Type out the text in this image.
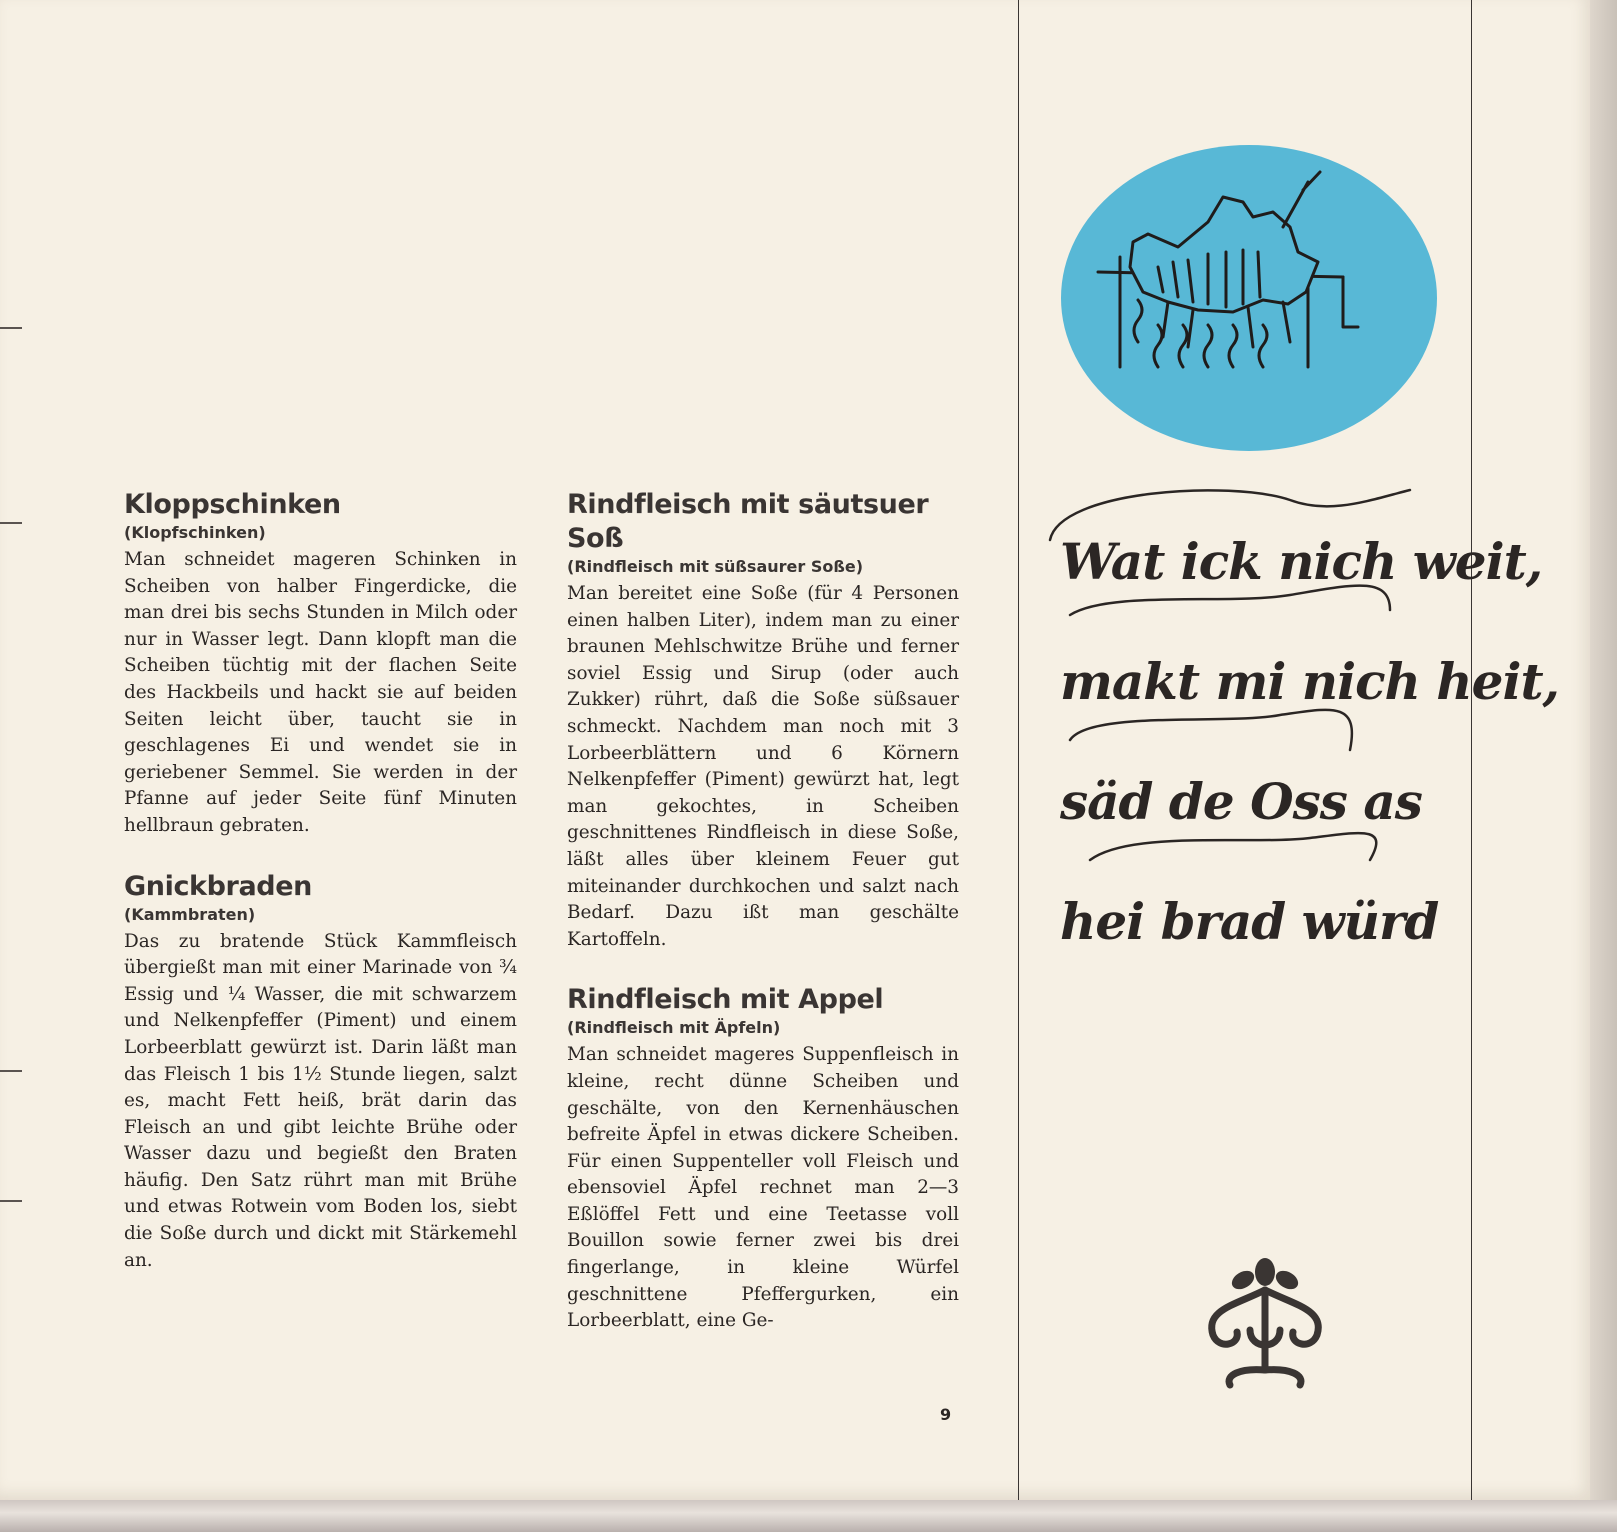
Kloppschinken
(Klopfschinken)

Man schneidet mageren Schinken in Scheiben von halber Fingerdicke, die man drei bis sechs Stunden in Milch oder nur in Wasser legt. Dann klopft man die Scheiben tüchtig mit der flachen Seite des Hackbeils und hackt sie auf beiden Seiten leicht über, taucht sie in geschlagenes Ei und wendet sie in geriebener Semmel. Sie werden in der Pfanne auf jeder Seite fünf Minuten hellbraun gebraten.

Gnickbraden
(Kammbraten)

Das zu bratende Stück Kammfleisch übergießt man mit einer Marinade von ¾ Essig und ¼ Wasser, die mit schwarzem und Nelkenpfeffer (Piment) und einem Lorbeerblatt gewürzt ist. Darin läßt man das Fleisch 1 bis 1½ Stunde liegen, salzt es, macht Fett heiß, brät darin das Fleisch an und gibt leichte Brühe oder Wasser dazu und begießt den Braten häufig. Den Satz rührt man mit Brühe und etwas Rotwein vom Boden los, siebt die Soße durch und dickt mit Stärkemehl an.

Rindfleisch mit säutsuer Soß
(Rindfleisch mit süßsaurer Soße)

Man bereitet eine Soße (für 4 Personen einen halben Liter), indem man zu einer braunen Mehlschwitze Brühe und ferner soviel Essig und Sirup (oder auch Zukker) rührt, daß die Soße süßsauer schmeckt. Nachdem man noch mit 3 Lorbeerblättern und 6 Körnern Nelkenpfeffer (Piment) gewürzt hat, legt man gekochtes, in Scheiben geschnittenes Rindfleisch in diese Soße, läßt alles über kleinem Feuer gut miteinander durchkochen und salzt nach Bedarf. Dazu ißt man geschälte Kartoffeln.

Rindfleisch mit Appel
(Rindfleisch mit Äpfeln)

Man schneidet mageres Suppenfleisch in kleine, recht dünne Scheiben und geschälte, von den Kernenhäuschen befreite Äpfel in etwas dickere Scheiben. Für einen Suppenteller voll Fleisch und ebensoviel Äpfel rechnet man 2—3 Eßlöffel Fett und eine Teetasse voll Bouillon sowie ferner zwei bis drei fingerlange, in kleine Würfel geschnittene Pfeffergurken, ein Lorbeerblatt, eine Ge-

9
Wat ick nich weit,
makt mi nich heit,
säd de Oss as
hei brad würd
